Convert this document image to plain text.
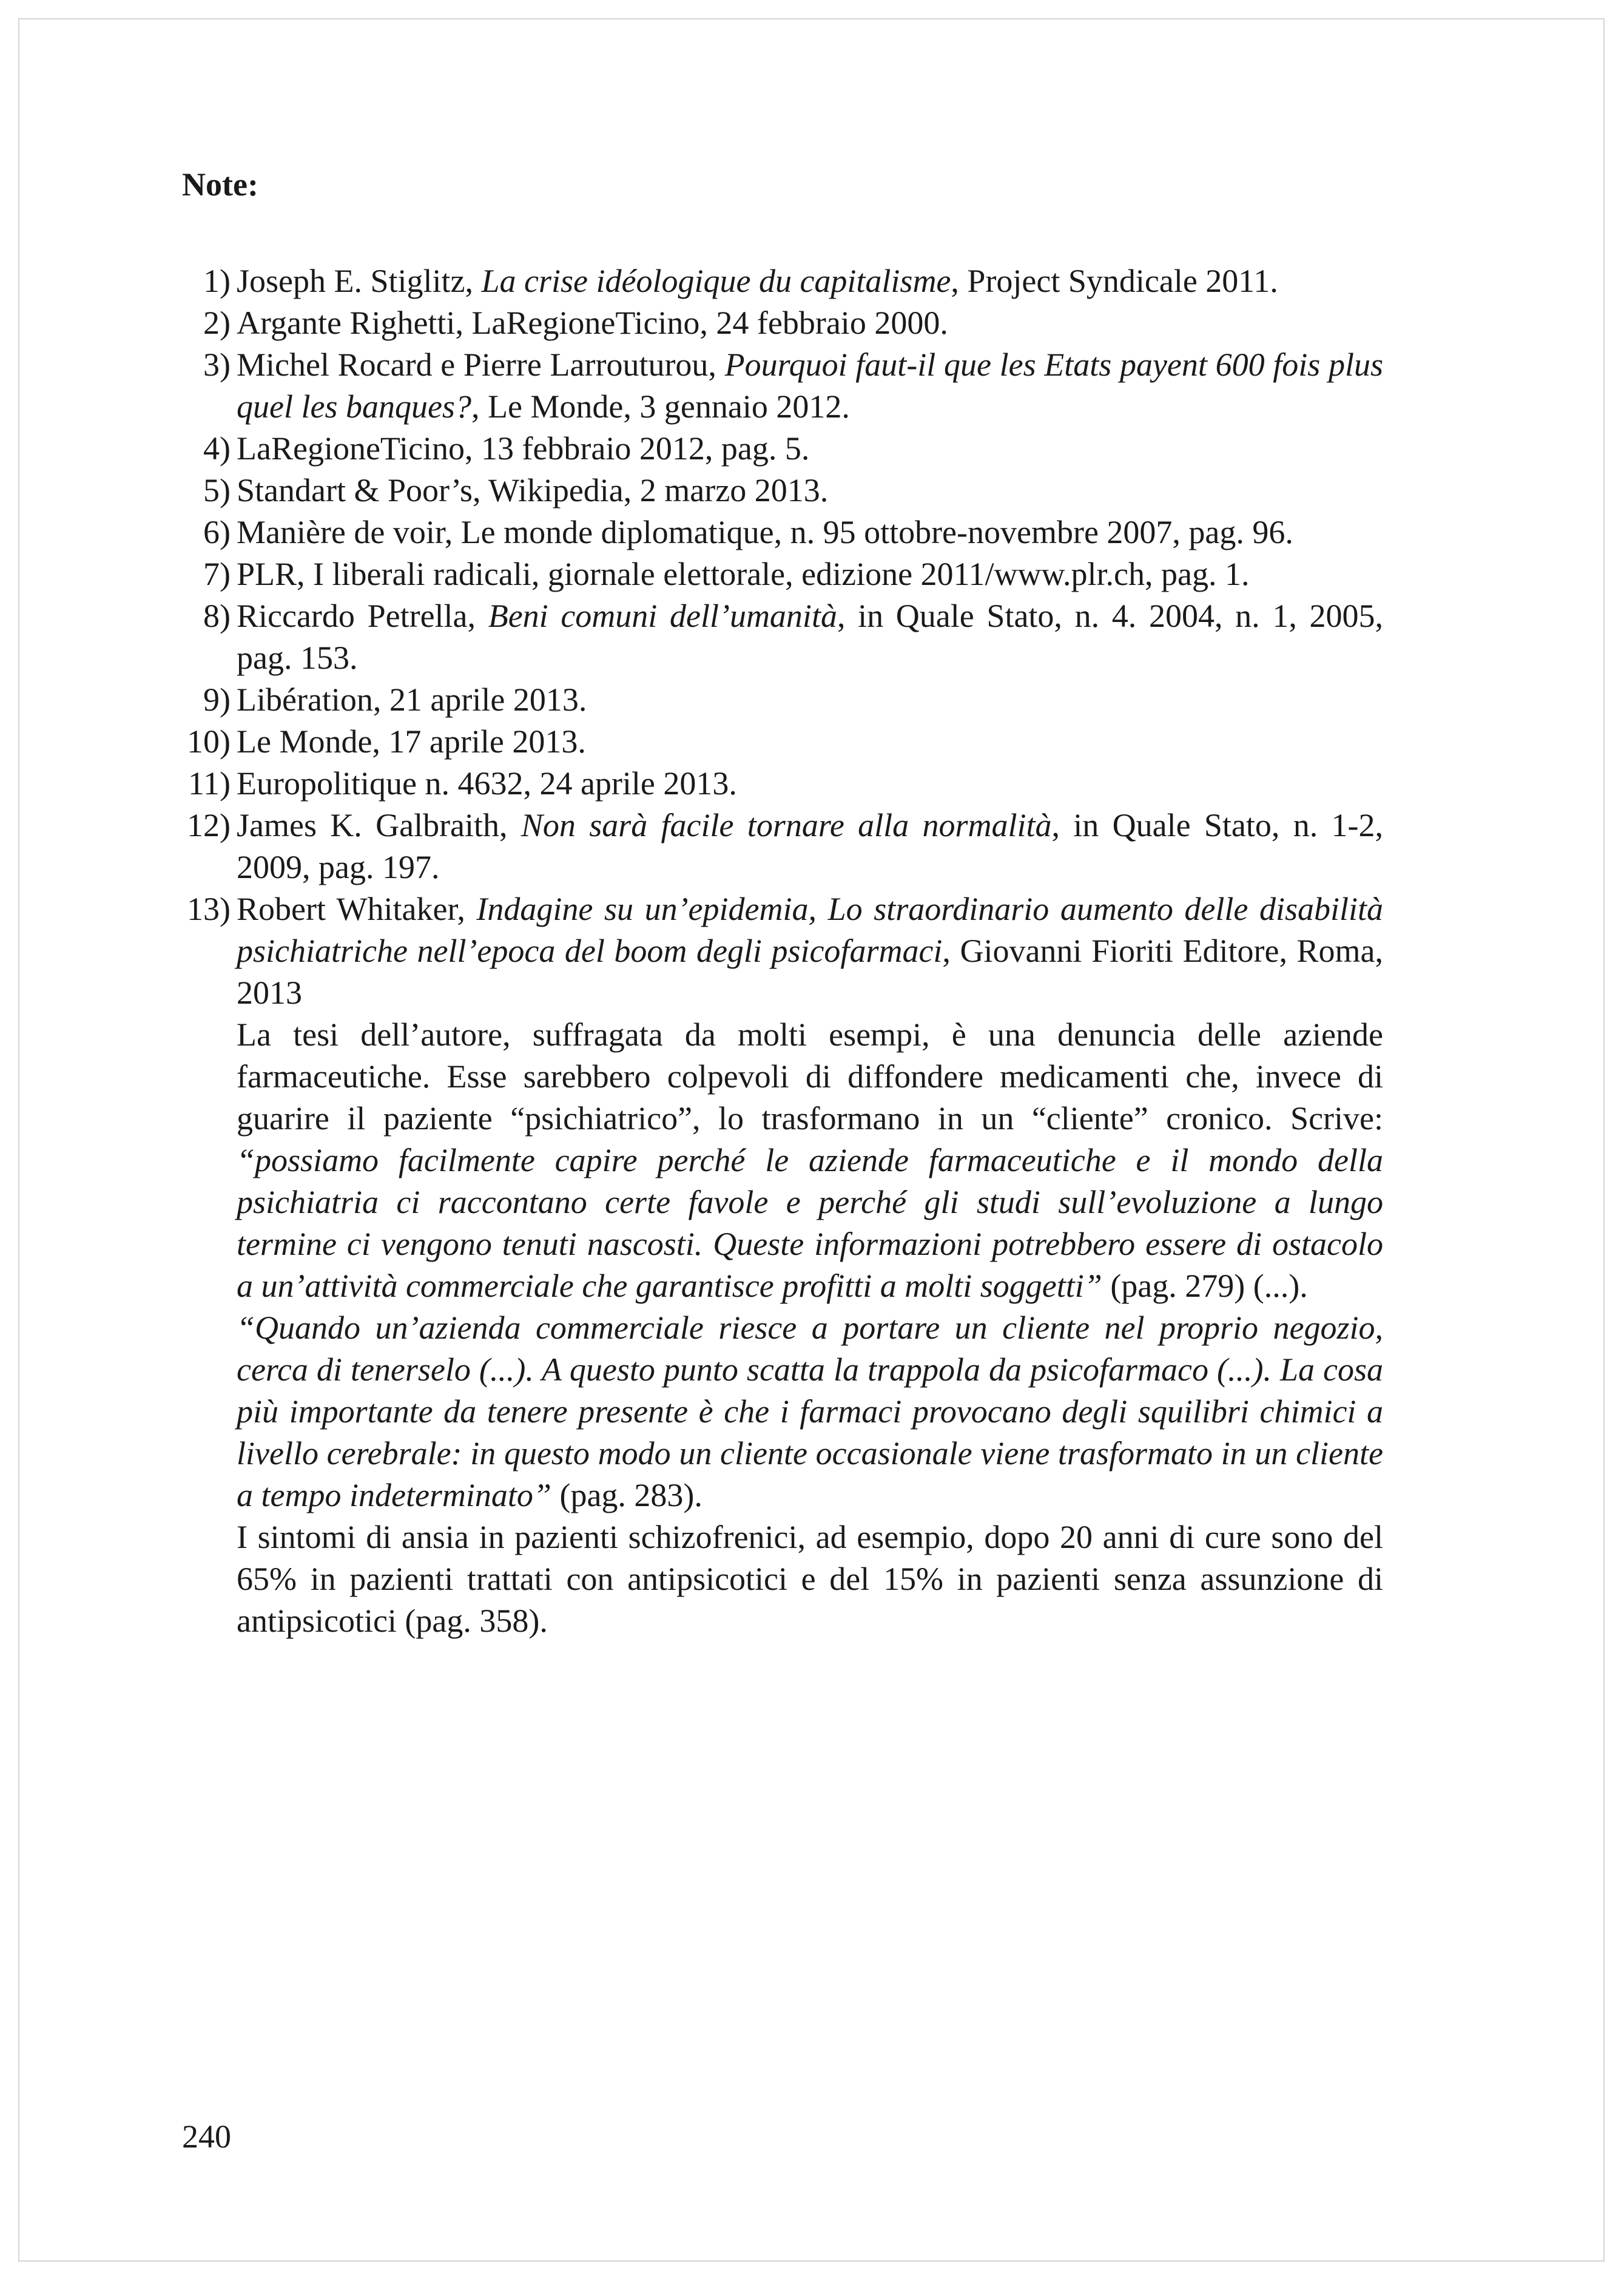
Note:
1) Joseph E. Stiglitz, La crise idéologique du capitalisme, Project Syndicale 2011.
2) Argante Righetti, LaRegioneTicino, 24 febbraio 2000.
3) Michel Rocard e Pierre Larrouturou, Pourquoi faut-il que les Etats payent 600 fois plus quel les banques?, Le Monde, 3 gennaio 2012.
4) LaRegioneTicino, 13 febbraio 2012, pag. 5.
5) Standart & Poor’s, Wikipedia, 2 marzo 2013.
6) Manière de voir, Le monde diplomatique, n. 95 ottobre-novembre 2007, pag. 96.
7) PLR, I liberali radicali, giornale elettorale, edizione 2011/www.plr.ch, pag. 1.
8) Riccardo Petrella, Beni comuni dell’umanità, in Quale Stato, n. 4. 2004, n. 1, 2005, pag. 153.
9) Libération, 21 aprile 2013.
10) Le Monde, 17 aprile 2013.
11) Europolitique n. 4632, 24 aprile 2013.
12) James K. Galbraith, Non sarà facile tornare alla normalità, in Quale Stato, n. 1-2, 2009, pag. 197.
13) Robert Whitaker, Indagine su un’epidemia, Lo straordinario aumento delle disabilità psichiatriche nell’epoca del boom degli psicofarmaci, Giovanni Fioriti Editore, Roma, 2013
La tesi dell’autore, suffragata da molti esempi, è una denuncia delle aziende farmaceutiche. Esse sarebbero colpevoli di diffondere medicamenti che, invece di guarire il paziente “psichiatrico”, lo trasformano in un “cliente” cronico. Scrive: “possiamo facilmente capire perché le aziende farmaceutiche e il mondo della psichiatria ci raccontano certe favole e perché gli studi sull’evoluzione a lungo termine ci vengono tenuti nascosti. Queste informazioni potrebbero essere di ostacolo a un’attività commerciale che garantisce profitti a molti soggetti” (pag. 279) (...).
“Quando un’azienda commerciale riesce a portare un cliente nel proprio negozio, cerca di tenerselo (...). A questo punto scatta la trappola da psicofarmaco (...). La cosa più importante da tenere presente è che i farmaci provocano degli squilibri chimici a livello cerebrale: in questo modo un cliente occasionale viene trasformato in un cliente a tempo indeterminato” (pag. 283).
I sintomi di ansia in pazienti schizofrenici, ad esempio, dopo 20 anni di cure sono del 65% in pazienti trattati con antipsicotici e del 15% in pazienti senza assunzione di antipsicotici (pag. 358).
240
